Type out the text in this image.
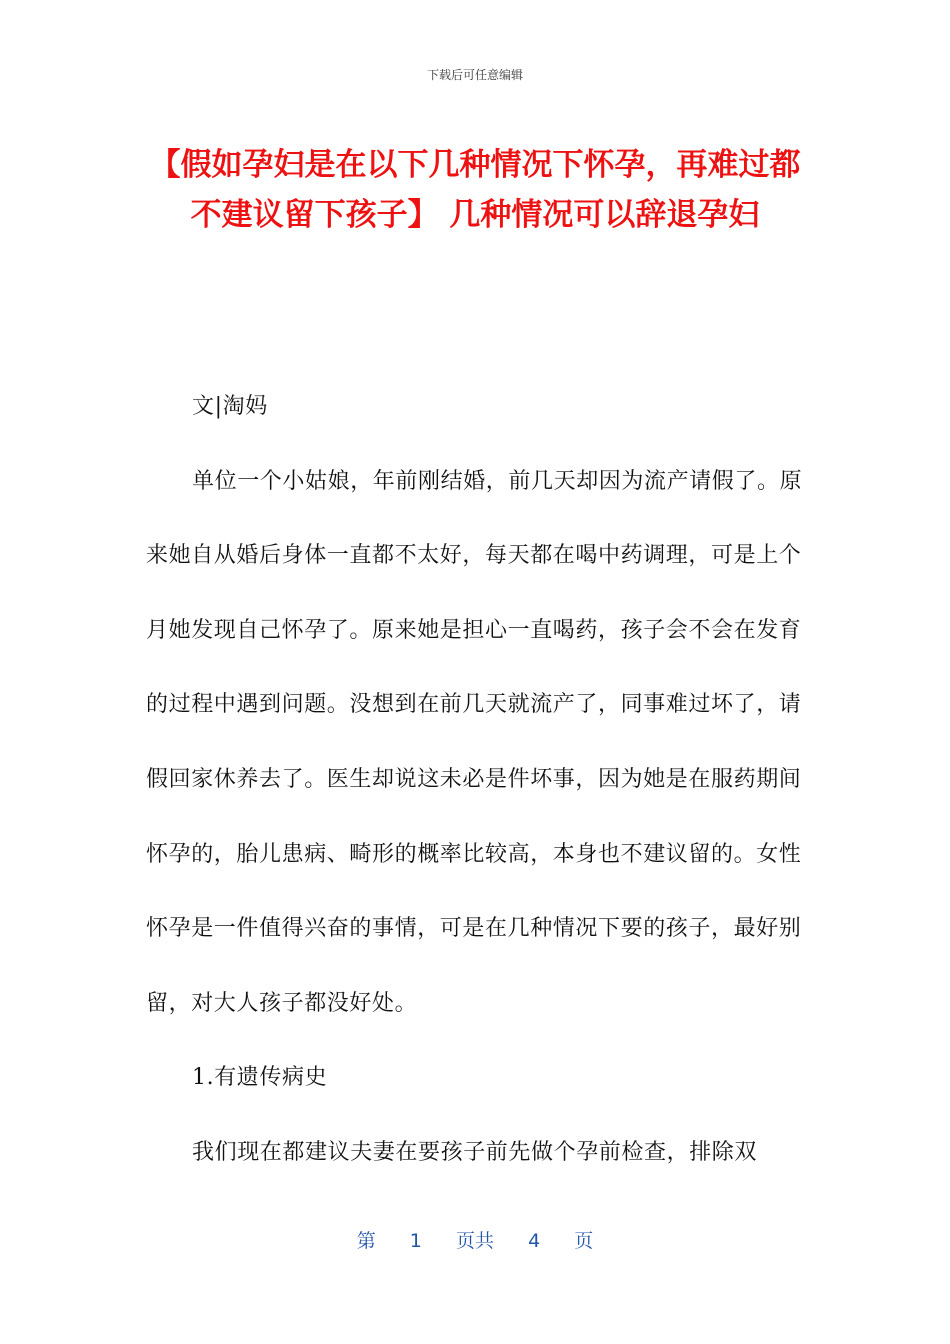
下载后可任意编辑
【假如孕妇是在以下几种情况下怀孕，再难过都不建议留下孩子】 几种情况可以辞退孕妇

文|淘妈

单位一个小姑娘，年前刚结婚，前几天却因为流产请假了。原来她自从婚后身体一直都不太好，每天都在喝中药调理，可是上个月她发现自己怀孕了。原来她是担心一直喝药，孩子会不会在发育的过程中遇到问题。没想到在前几天就流产了，同事难过坏了，请假回家休养去了。医生却说这未必是件坏事，因为她是在服药期间怀孕的，胎儿患病、畸形的概率比较高，本身也不建议留的。女性怀孕是一件值得兴奋的事情，可是在几种情况下要的孩子，最好别留，对大人孩子都没好处。

1.有遗传病史

我们现在都建议夫妻在要孩子前先做个孕前检查，排除双

第 1 页共 4 页
